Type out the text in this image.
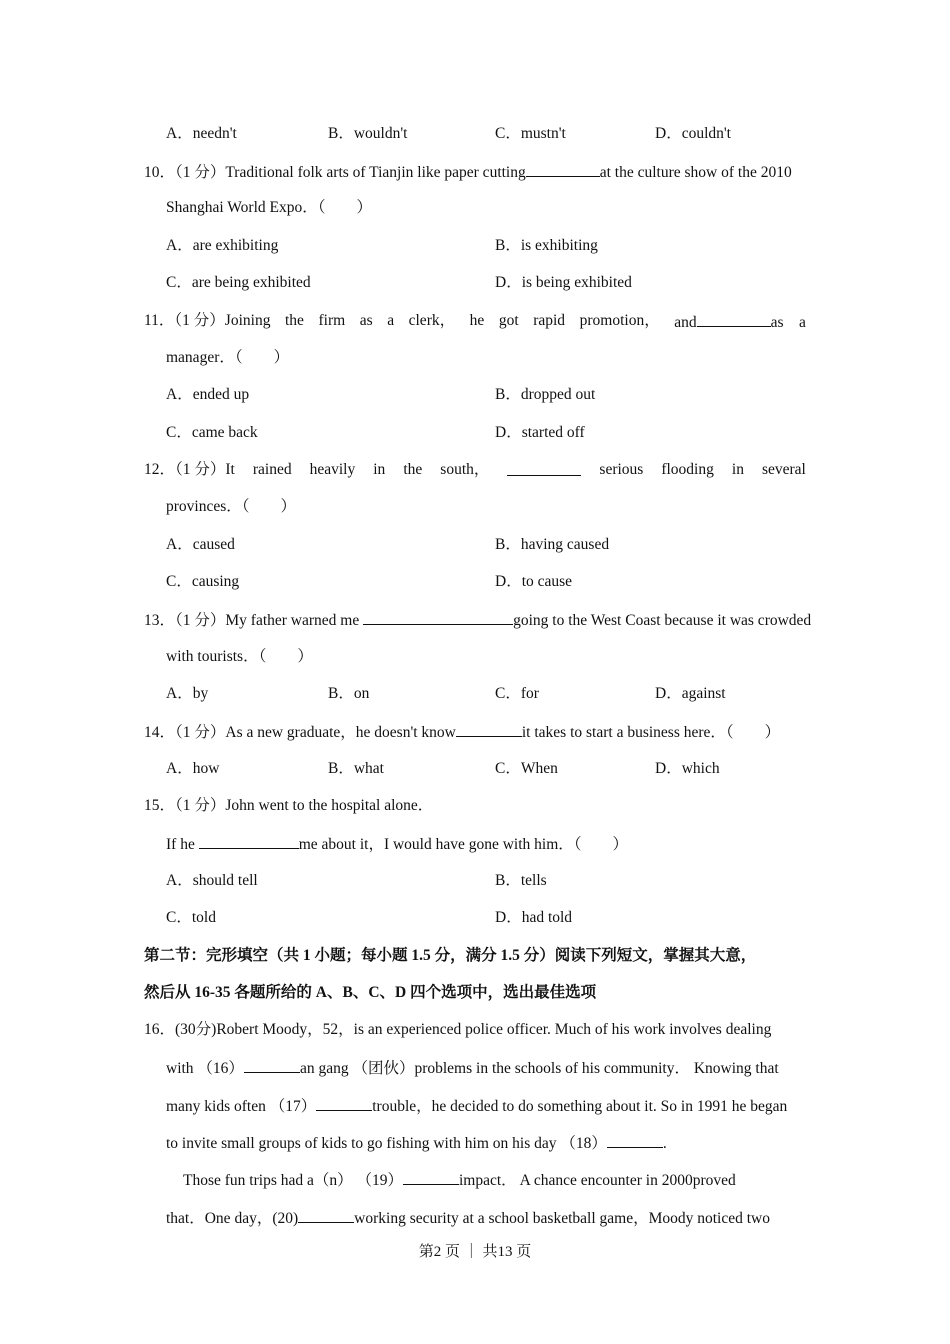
A．needn't	B．wouldn't	C．mustn't	D．couldn't
10．（1 分）Traditional folk arts of Tianjin like paper cutting	at the culture show of the 2010
Shanghai World Expo．（　　）
A．are exhibiting	B．is exhibiting
C．are being exhibited	D．is being exhibited
11．（1 分）Joining the firm as a clerk， he got rapid promotion， and	as　a
manager．（　　）
A．ended up	B．dropped out
C．came back	D．started off
12．（1 分）It rained heavily in the south，	serious flooding in several
provinces．（　　）
A．caused	B．having caused
C．causing	D．to cause
13．（1 分）My father warned me	going to the West Coast because it was crowded
with tourists．（　　）
A．by	B．on	C．for	D．against
14．（1 分）As a new graduate，he doesn't know	it takes to start a business here．（　　）
A．how	B．what	C．When	D．which
15．（1 分）John went to the hospital alone．
If he	me about it，I would have gone with him．（　　）
A．should tell	B．tells
C．told	D．had told
第二节：完形填空（共 1 小题；每小题 1.5 分，满分 1.5 分）阅读下列短文，掌握其大意，
然后从 16-35 各题所给的 A、B、C、D 四个选项中，选出最佳选项
16．(30分)Robert Moody，52，is an experienced police officer. Much of his work involves dealing
with （16）	an gang （团伙）problems in the schools of his community． Knowing that
many kids often （17）	trouble，he decided to do something about it. So in 1991 he began
to invite small groups of kids to go fishing with him on his day （18）	.
Those fun trips had a（n） （19）	impact． A chance encounter in 2000proved
that．One day，(20)	working security at a school basketball game，Moody noticed two
第2 页 ｜ 共13 页
